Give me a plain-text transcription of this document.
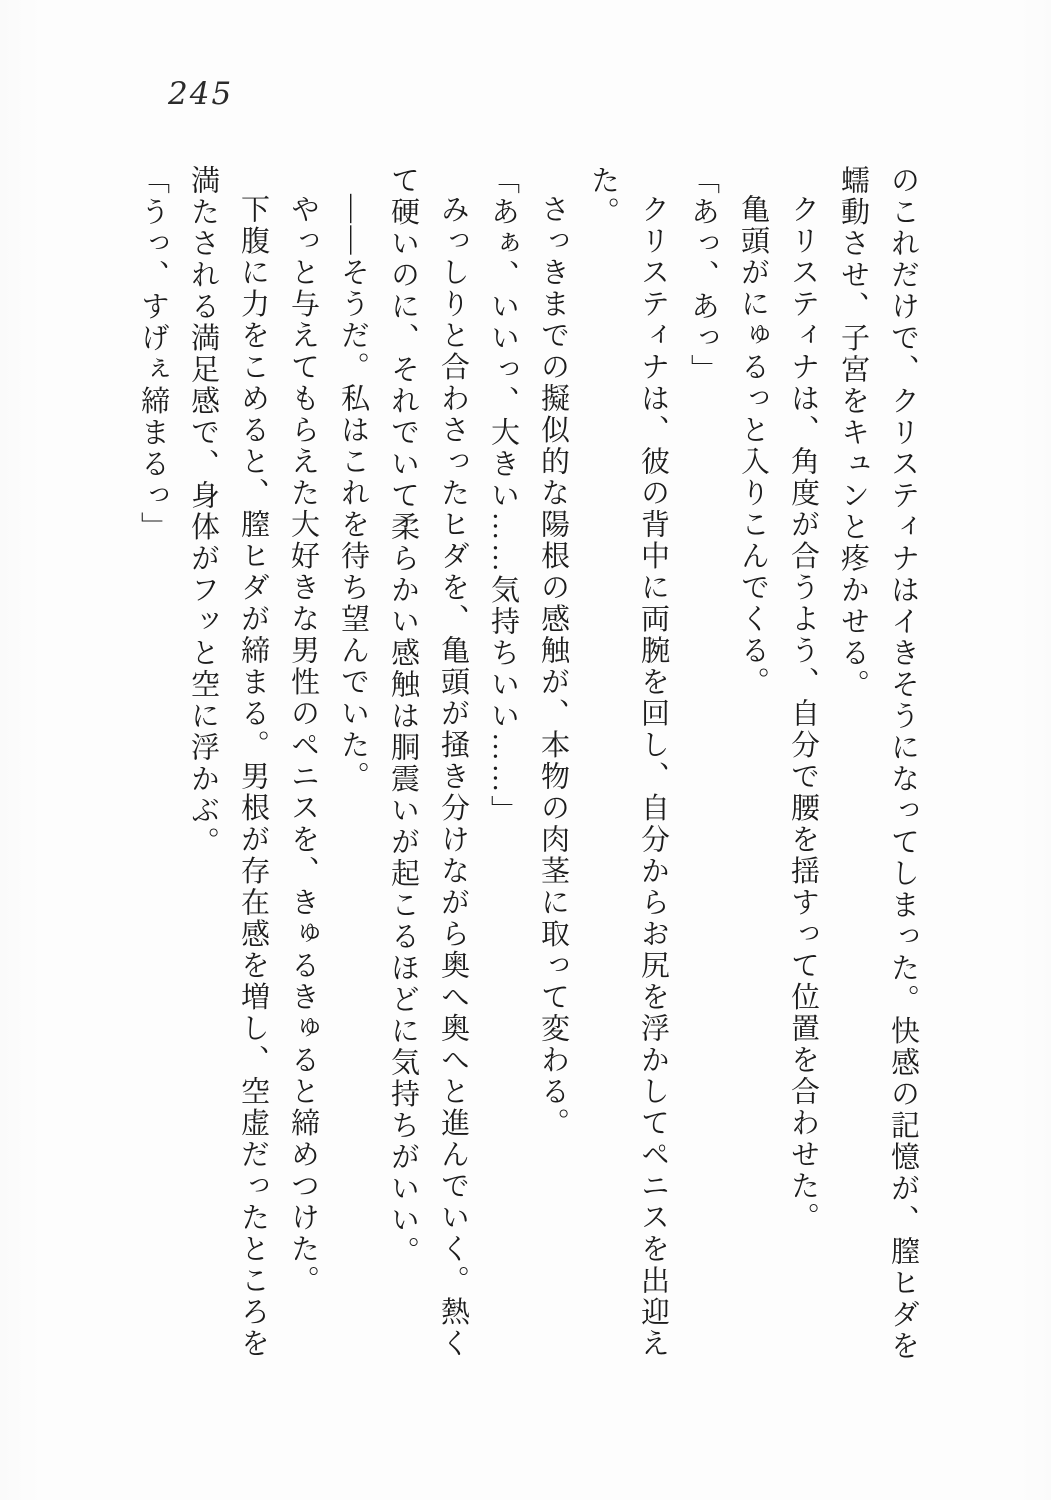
245

のこれだけで、クリスティナはイきそうになってしまった。快感の記憶が、膣ヒダを

蠕動させ、子宮をキュンと疼かせる。

クリスティナは、角度が合うよう、自分で腰を揺すって位置を合わせた。

亀頭がにゅるっと入りこんでくる。

「あっ、あっ」

クリスティナは、彼の背中に両腕を回し、自分からお尻を浮かしてペニスを出迎え

た。

さっきまでの擬似的な陽根の感触が、本物の肉茎に取って変わる。

「あぁ、いいっ、大きい……気持ちいい……」

みっしりと合わさったヒダを、亀頭が掻き分けながら奥へ奥へと進んでいく。熱く

て硬いのに、それでいて柔らかい感触は胴震いが起こるほどに気持ちがいい。

――そうだ。私はこれを待ち望んでいた。

やっと与えてもらえた大好きな男性のペニスを、きゅるきゅると締めつけた。

下腹に力をこめると、膣ヒダが締まる。男根が存在感を増し、空虚だったところを

満たされる満足感で、身体がフッと空に浮かぶ。

「うっ、すげぇ締まるっ」
